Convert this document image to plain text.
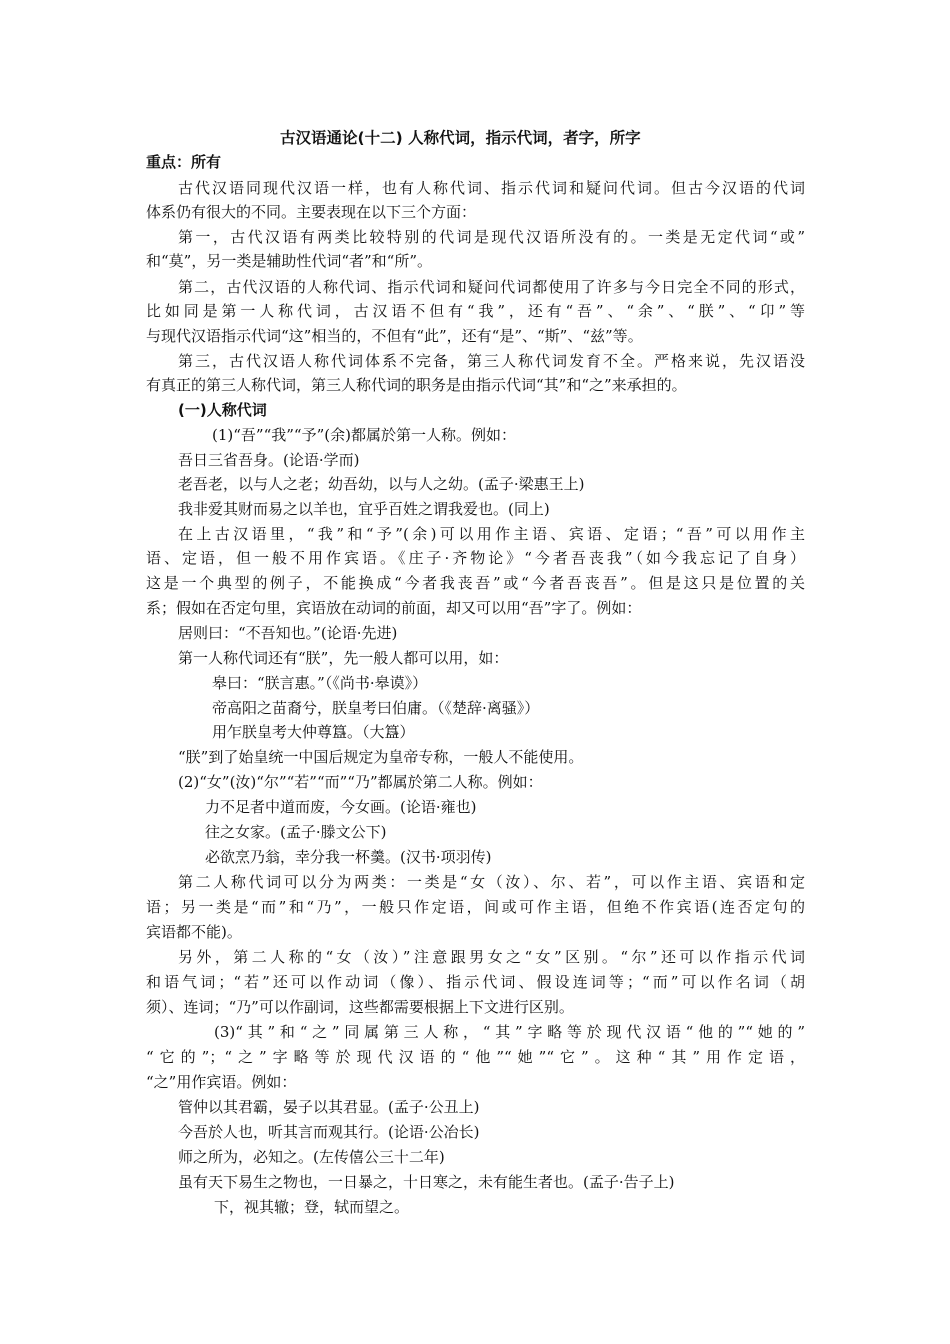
古汉语通论(十二) 人称代词，指示代词，者字，所字
重点：所有
古代汉语同现代汉语一样，也有人称代词、指示代词和疑问代词。但古今汉语的代词
体系仍有很大的不同。主要表现在以下三个方面：
第一，古代汉语有两类比较特别的代词是现代汉语所没有的。一类是无定代词“或”
和“莫”，另一类是辅助性代词“者”和“所”。
第二，古代汉语的人称代词、指示代词和疑问代词都使用了许多与今日完全不同的形式，
比如同是第一人称代词，古汉语不但有“我”，还有“吾”、“余”、“朕”、“卬”等
与现代汉语指示代词“这”相当的，不但有“此”，还有“是”、“斯”、“兹”等。
第三，古代汉语人称代词体系不完备，第三人称代词发育不全。严格来说，先汉语没
有真正的第三人称代词，第三人称代词的职务是由指示代词“其”和“之”来承担的。
(一)人称代词
(1)“吾”“我”“予”(余)都属於第一人称。例如：
吾日三省吾身。(论语·学而)
老吾老，以与人之老；幼吾幼，以与人之幼。(孟子·梁惠王上)
我非爱其财而易之以羊也，宜乎百姓之谓我爱也。(同上)
在上古汉语里，“我”和“予”(余)可以用作主语、宾语、定语；“吾”可以用作主
语、定语，但一般不用作宾语。《庄子·齐物论》“今者吾丧我”（如今我忘记了自身）
这是一个典型的例子，不能换成“今者我丧吾”或“今者吾丧吾”。但是这只是位置的关
系；假如在否定句里，宾语放在动词的前面，却又可以用“吾”字了。例如：
居则曰：“不吾知也。”(论语·先进)
第一人称代词还有“朕”，先一般人都可以用，如：
皋曰：“朕言惠。”（《尚书·皋谟》）
帝高阳之苗裔兮，朕皇考曰伯庸。（《楚辞·离骚》）
用乍朕皇考大仲尊簋。（大簋）
“朕”到了始皇统一中国后规定为皇帝专称，一般人不能使用。
(2)“女”(汝)“尔”“若”“而”“乃”都属於第二人称。例如：
力不足者中道而废，今女画。(论语·雍也)
往之女家。(孟子·滕文公下)
必欲烹乃翁，幸分我一杯羹。(汉书·项羽传)
第二人称代词可以分为两类：一类是“女（汝）、尔、若”，可以作主语、宾语和定
语；另一类是“而”和“乃”，一般只作定语，间或可作主语，但绝不作宾语(连否定句的
宾语都不能)。
另外，第二人称的“女（汝）”注意跟男女之“女”区别。“尔”还可以作指示代词
和语气词；“若”还可以作动词（像）、指示代词、假设连词等；“而”可以作名词（胡
须）、连词；“乃”可以作副词，这些都需要根据上下文进行区别。
(3)“其”和“之”同属第三人称，“其”字略等於现代汉语“他的”“她的”
“它的”；“之”字略等於现代汉语的“他”“她”“它”。这种“其”用作定语，
“之”用作宾语。例如：
管仲以其君霸，晏子以其君显。(孟子·公丑上)
今吾於人也，听其言而观其行。(论语·公冶长)
师之所为，必知之。(左传僖公三十二年)
虽有天下易生之物也，一日暴之，十日寒之，未有能生者也。(孟子·告子上)
下，视其辙；登，轼而望之。
